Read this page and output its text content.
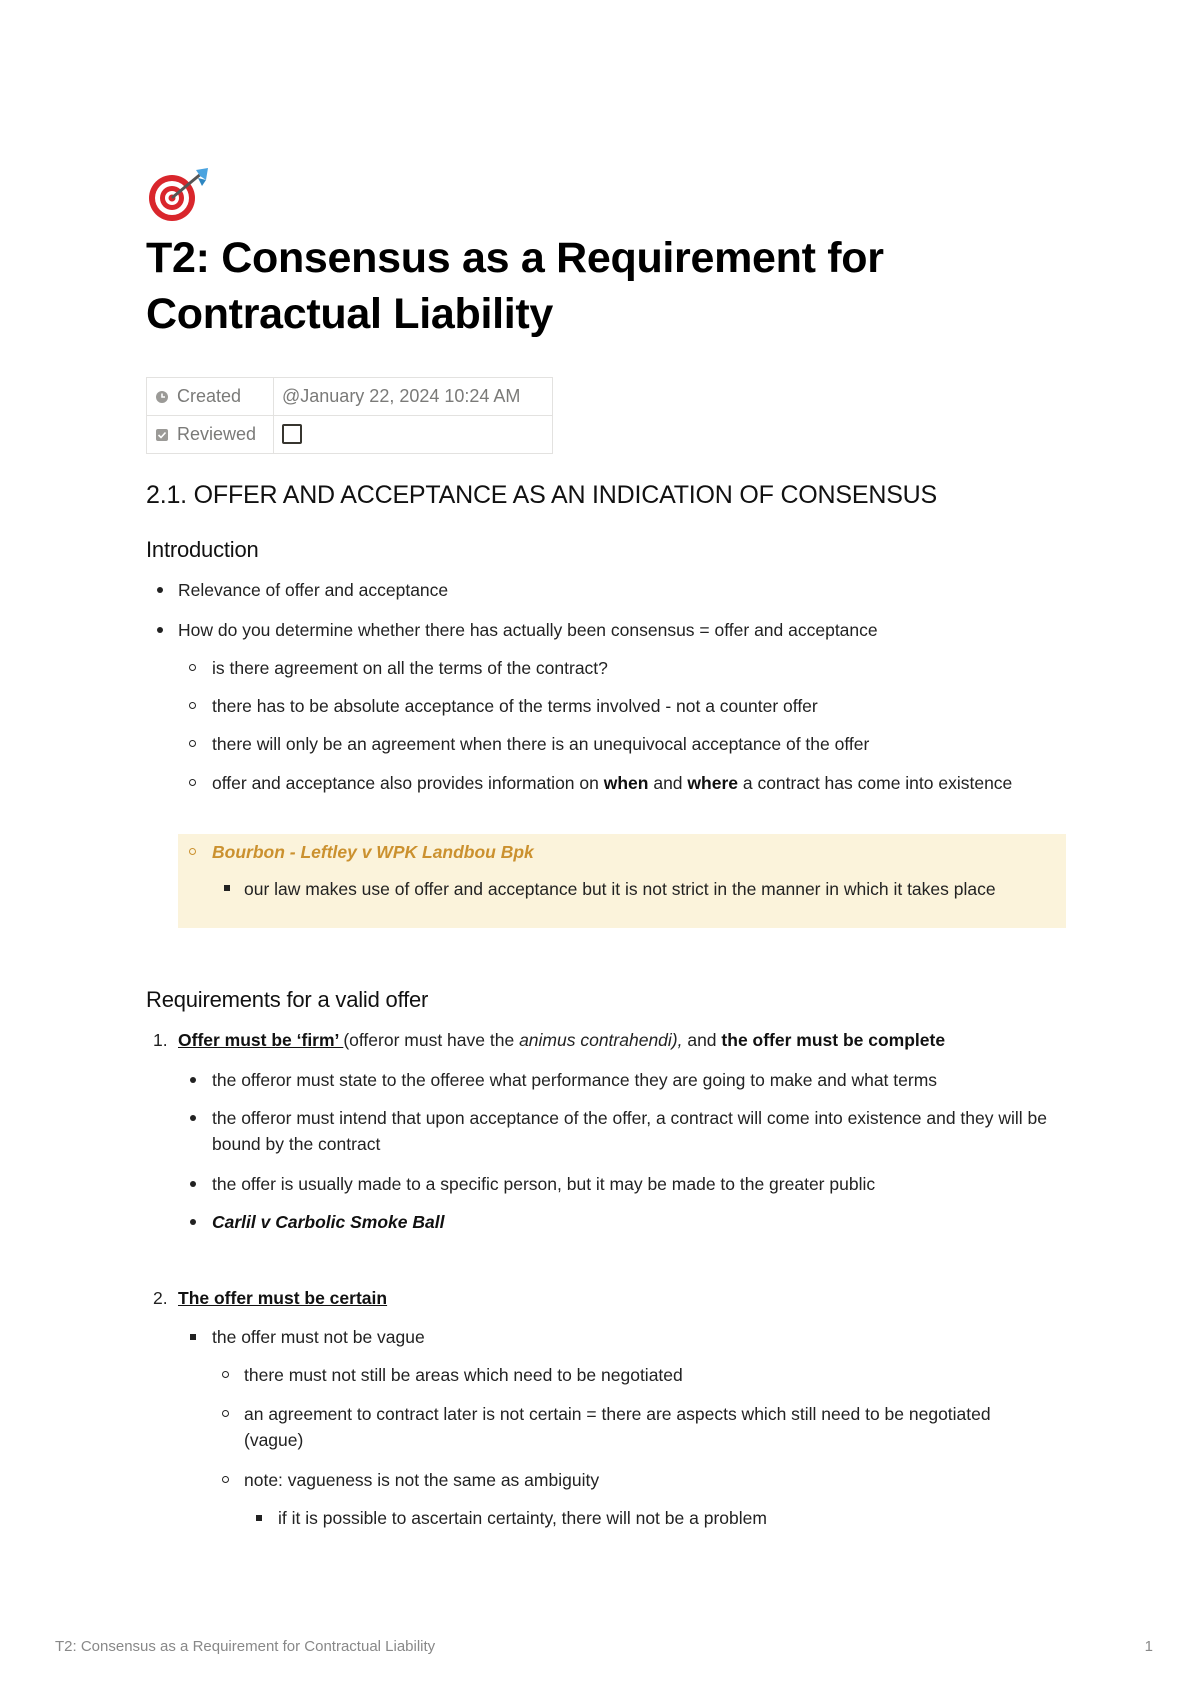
T2: Consensus as a Requirement for Contractual Liability
Created	@January 22, 2024 10:24 AM
Reviewed	
2.1. OFFER AND ACCEPTANCE AS AN INDICATION OF CONSENSUS
Introduction
Relevance of offer and acceptance
How do you determine whether there has actually been consensus = offer and acceptance
is there agreement on all the terms of the contract?
there has to be absolute acceptance of the terms involved - not a counter offer
there will only be an agreement when there is an unequivocal acceptance of the offer
offer and acceptance also provides information on when and where a contract has come into existence
Bourbon - Leftley v WPK Landbou Bpk
our law makes use of offer and acceptance but it is not strict in the manner in which it takes place
Requirements for a valid offer
1. Offer must be ‘firm’ (offeror must have the animus contrahendi), and the offer must be complete
the offeror must state to the offeree what performance they are going to make and what terms
the offeror must intend that upon acceptance of the offer, a contract will come into existence and they will be bound by the contract
the offer is usually made to a specific person, but it may be made to the greater public
Carlil v Carbolic Smoke Ball
2. The offer must be certain
the offer must not be vague
there must not still be areas which need to be negotiated
an agreement to contract later is not certain = there are aspects which still need to be negotiated (vague)
note: vagueness is not the same as ambiguity
if it is possible to ascertain certainty, there will not be a problem
T2: Consensus as a Requirement for Contractual Liability	1
